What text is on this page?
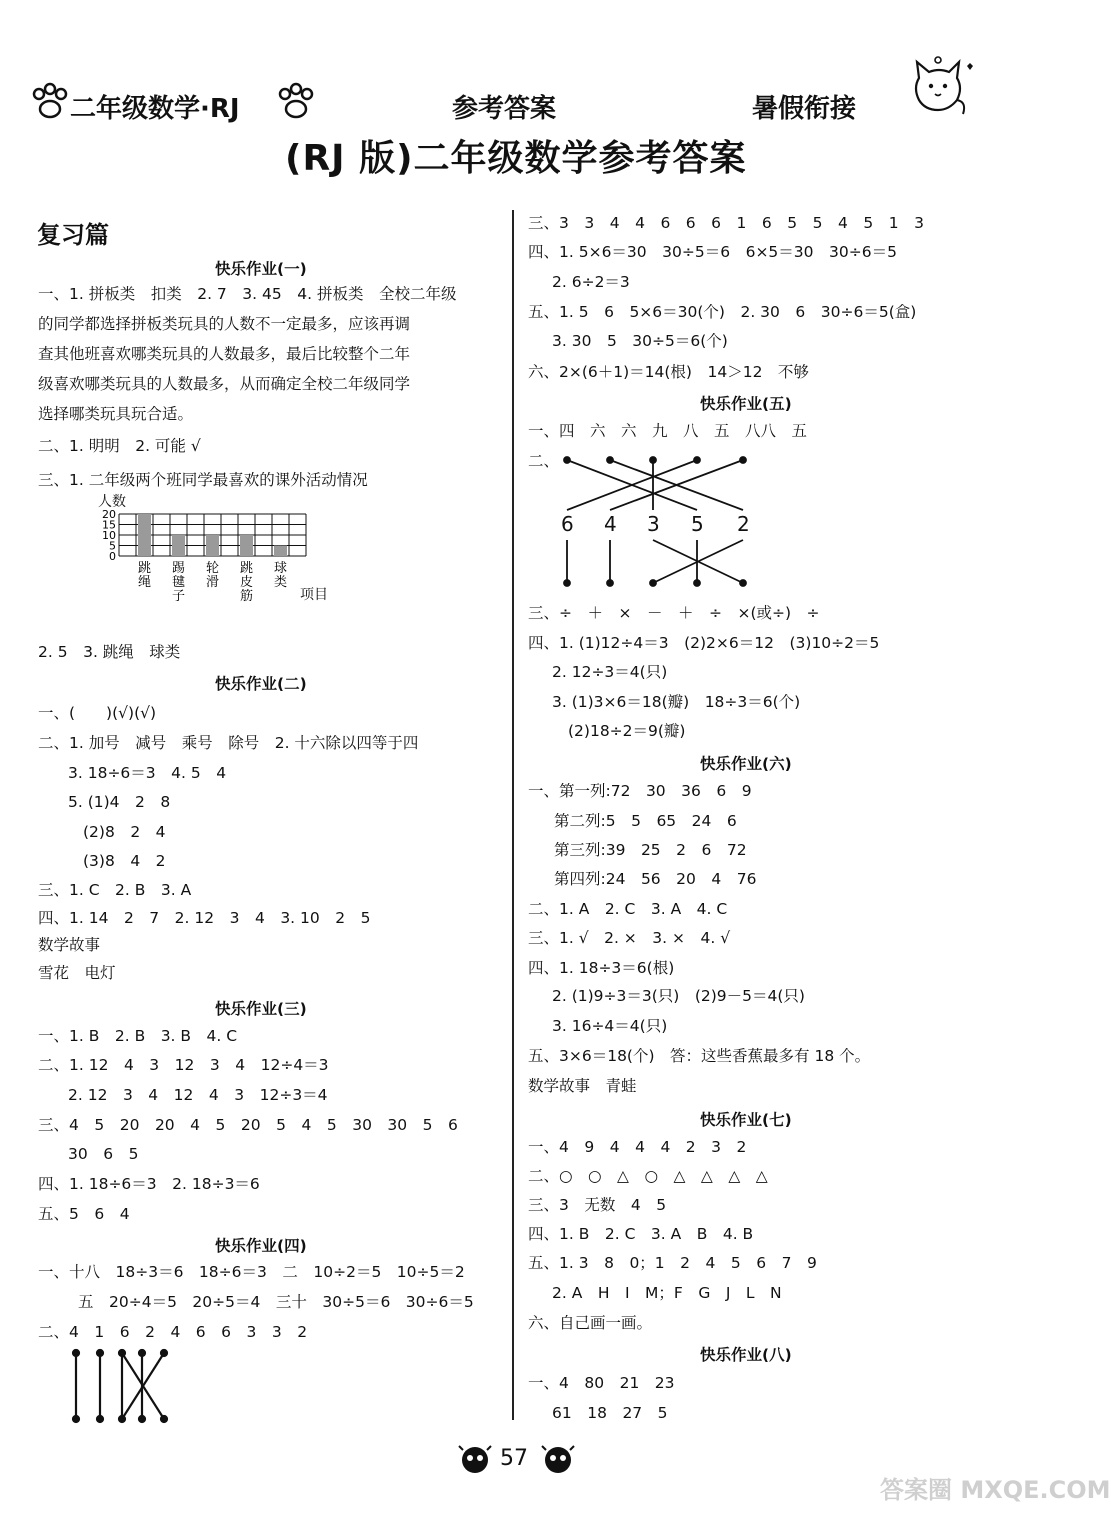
二年级数学·RJ	参考答案	暑假衔接
(RJ 版)二年级数学参考答案
复习篇
快乐作业(一)
一、1. 拼板类　扣类　2. 7　3. 45　4. 拼板类　全校二年级
的同学都选择拼板类玩具的人数不一定最多，应该再调
查其他班喜欢哪类玩具的人数最多，最后比较整个二年
级喜欢哪类玩具的人数最多，从而确定全校二年级同学
选择哪类玩具玩合适。
二、1. 明明　2. 可能 √
三、1. 二年级两个班同学最喜欢的课外活动情况
2. 5　3. 跳绳　球类
快乐作业(二)
一、(　　)(√)(√)
二、1. 加号　减号　乘号　除号　2. 十六除以四等于四
3. 18÷6＝3　4. 5　4
5. (1)4　2　8
(2)8　2　4
(3)8　4　2
三、1. C　2. B　3. A
四、1. 14　2　7　2. 12　3　4　3. 10　2　5
数学故事
雪花　电灯
快乐作业(三)
一、1. B　2. B　3. B　4. C
二、1. 12　4　3　12　3　4　12÷4＝3
2. 12　3　4　12　4　3　12÷3＝4
三、4　5　20　20　4　5　20　5　4　5　30　30　5　6
30　6　5
四、1. 18÷6＝3　2. 18÷3＝6
五、5　6　4
快乐作业(四)
一、十八　18÷3＝6　18÷6＝3　二　10÷2＝5　10÷5＝2
五　20÷4＝5　20÷5＝4　三十　30÷5＝6　30÷6＝5
二、4　1　6　2　4　6　6　3　3　2
人数
项目
20
15
10
5
0
跳
绳
踢
毽
子
轮
滑
跳
皮
筋
球
类
三、3　3　4　4　6　6　6　1　6　5　5　4　5　1　3
四、1. 5×6＝30　30÷5＝6　6×5＝30　30÷6＝5
2. 6÷2＝3
五、1. 5　6　5×6＝30(个)　2. 30　6　30÷6＝5(盒)
3. 30　5　30÷5＝6(个)
六、2×(6＋1)＝14(根)　14＞12　不够
快乐作业(五)
一、四　六　六　九　八　五　八八　五
二、
三、÷　＋　×　－　＋　÷　×(或÷)　÷
四、1. (1)12÷4＝3　(2)2×6＝12　(3)10÷2＝5
2. 12÷3＝4(只)
3. (1)3×6＝18(瓣)　18÷3＝6(个)
(2)18÷2＝9(瓣)
快乐作业(六)
一、第一列:72　30　36　6　9
第二列:5　5　65　24　6
第三列:39　25　2　6　72
第四列:24　56　20　4　76
二、1. A　2. C　3. A　4. C
三、1. √　2. ×　3. ×　4. √
四、1. 18÷3＝6(根)
2. (1)9÷3＝3(只)　(2)9－5＝4(只)
3. 16÷4＝4(只)
五、3×6＝18(个)　答：这些香蕉最多有 18 个。
数学故事　青蛙
快乐作业(七)
一、4　9　4　4　4　2　3　2
二、○　○　△　○　△　△　△　△
三、3　无数　4　5
四、1. B　2. C　3. A　B　4. B
五、1. 3　8　0；1　2　4　5　6　7　9
2. A　H　I　M；F　G　J　L　N
六、自己画一画。
快乐作业(八)
一、4　80　21　23
61　18　27　5
6 4 3 5 2
57
答案圈 MXQE.COM
